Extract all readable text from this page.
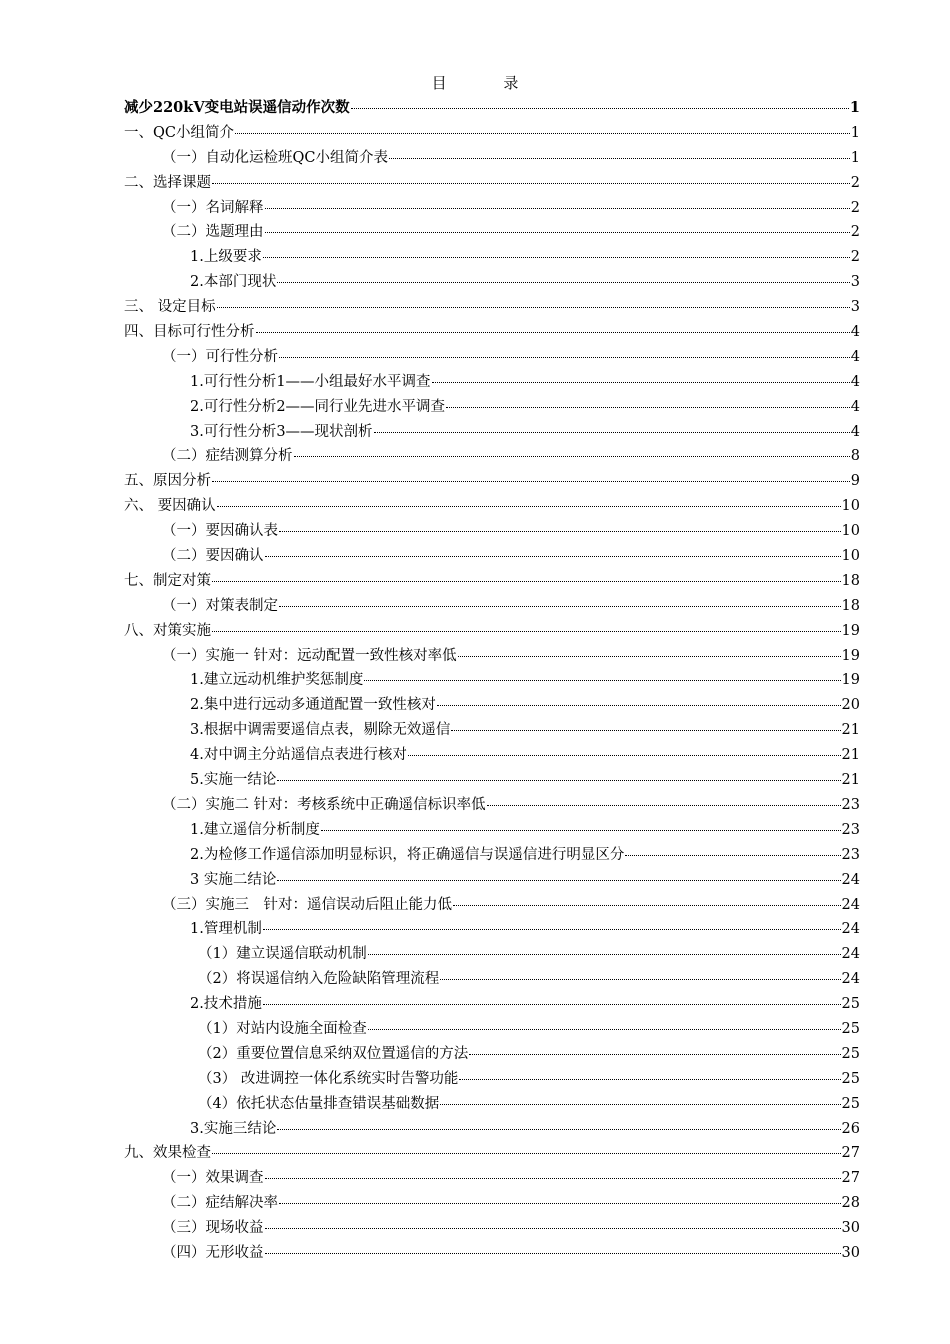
目 录
减少220kV变电站误遥信动作次数	1
一、QC小组简介	1
（一）自动化运检班QC小组简介表	1
二、选择课题	2
（一）名词解释	2
（二）选题理由	2
1.上级要求	2
2.本部门现状	3
三、 设定目标	3
四、目标可行性分析	4
（一）可行性分析	4
1.可行性分析1——小组最好水平调查	4
2.可行性分析2——同行业先进水平调查	4
3.可行性分析3——现状剖析	4
（二）症结测算分析	8
五、原因分析	9
六、 要因确认	10
（一）要因确认表	10
（二）要因确认	10
七、制定对策	18
（一）对策表制定	18
八、对策实施	19
（一）实施一 针对：远动配置一致性核对率低	19
1.建立远动机维护奖惩制度	19
2.集中进行远动多通道配置一致性核对	20
3.根据中调需要遥信点表，剔除无效遥信	21
4.对中调主分站遥信点表进行核对	21
5.实施一结论	21
（二）实施二 针对：考核系统中正确遥信标识率低	23
1.建立遥信分析制度	23
2.为检修工作遥信添加明显标识，将正确遥信与误遥信进行明显区分	23
3 实施二结论	24
（三）实施三　针对：遥信误动后阻止能力低	24
1.管理机制	24
（1）建立误遥信联动机制	24
（2）将误遥信纳入危险缺陷管理流程	24
2.技术措施	25
（1）对站内设施全面检查	25
（2）重要位置信息采纳双位置遥信的方法	25
（3） 改进调控一体化系统实时告警功能	25
（4）依托状态估量排查错误基础数据	25
3.实施三结论	26
九、效果检查	27
（一）效果调查	27
（二）症结解决率	28
（三）现场收益	30
（四）无形收益	30
